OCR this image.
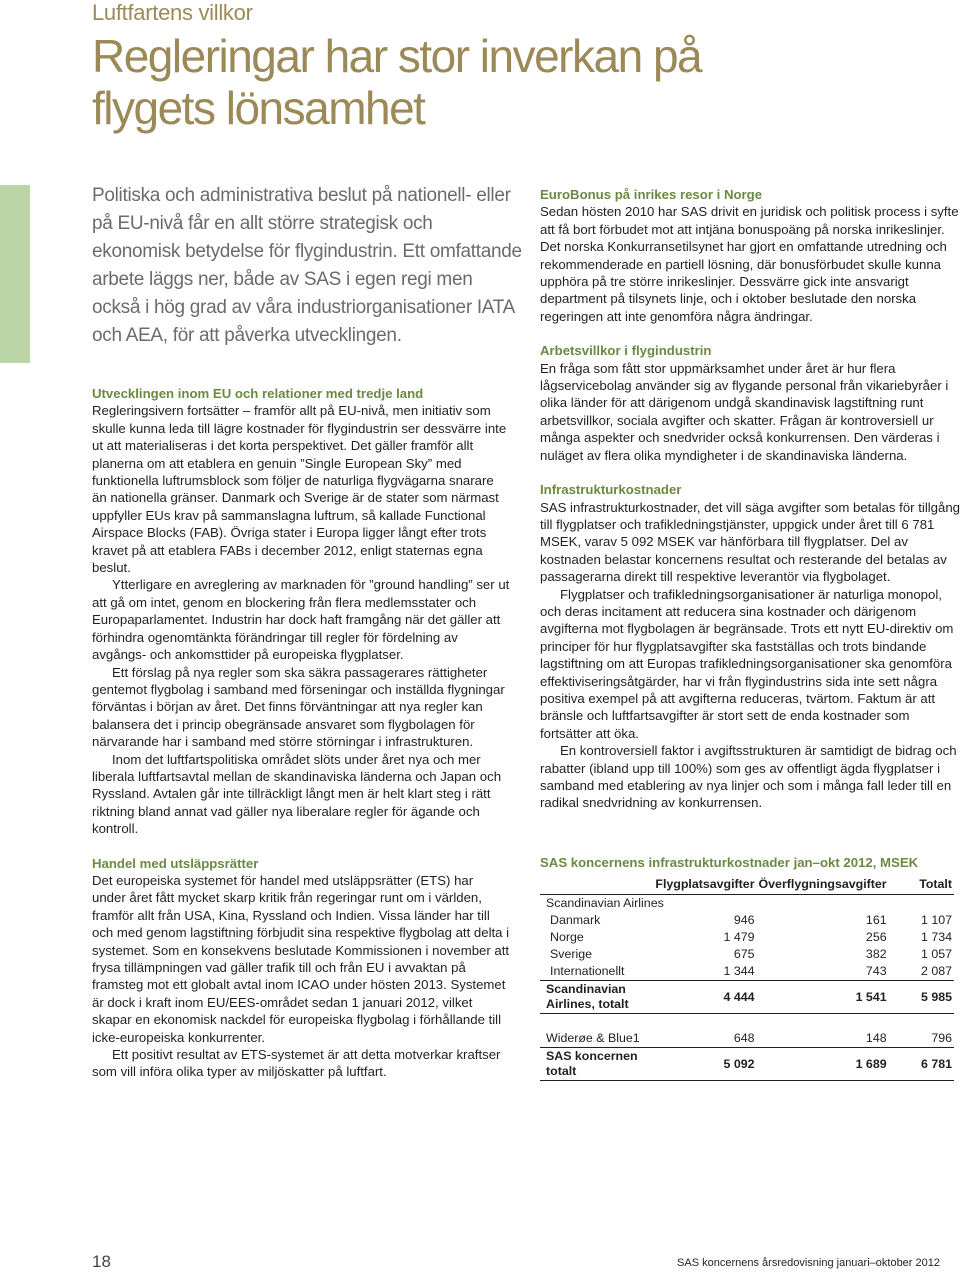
Luftfartens villkor
Regleringar har stor inverkan på flygets lönsamhet
Politiska och administrativa beslut på nationell- eller på EU-nivå får en allt större strategisk och ekonomisk betydelse för flygindustrin. Ett omfattande arbete läggs ner, både av SAS i egen regi men också i hög grad av våra industriorganisationer IATA och AEA, för att påverka utvecklingen.

Utvecklingen inom EU och relationer med tredje land

Regleringsivern fortsätter – framför allt på EU-nivå, men initiativ som skulle kunna leda till lägre kostnader för flygindustrin ser dessvärre inte ut att materialiseras i det korta perspektivet. Det gäller framför allt planerna om att etablera en genuin ”Single European Sky” med funktionella luftrumsblock som följer de naturliga flygvägarna snarare än nationella gränser. Danmark och Sverige är de stater som närmast uppfyller EUs krav på sammanslagna luftrum, så kallade Functional Airspace Blocks (FAB). Övriga stater i Europa ligger långt efter trots kravet på att etablera FABs i december 2012, enligt staternas egna beslut.

Ytterligare en avreglering av marknaden för ”ground handling” ser ut att gå om intet, genom en blockering från flera medlemsstater och Europaparlamentet. Industrin har dock haft framgång när det gäller att förhindra ogenomtänkta förändringar till regler för fördelning av avgångs- och ankomsttider på europeiska flygplatser.

Ett förslag på nya regler som ska säkra passagerares rättigheter gentemot flygbolag i samband med förseningar och inställda flygningar förväntas i början av året. Det finns förväntningar att nya regler kan balansera det i princip obegränsade ansvaret som flygbolagen för närvarande har i samband med större störningar i infrastrukturen.

Inom det luftfartspolitiska området slöts under året nya och mer liberala luftfartsavtal mellan de skandinaviska länderna och Japan och Ryssland. Avtalen går inte tillräckligt långt men är helt klart steg i rätt riktning bland annat vad gäller nya liberalare regler för ägande och kontroll.

Handel med utsläppsrätter

Det europeiska systemet för handel med utsläppsrätter (ETS) har under året fått mycket skarp kritik från regeringar runt om i världen, framför allt från USA, Kina, Ryssland och Indien. Vissa länder har till och med genom lagstiftning förbjudit sina respektive flygbolag att delta i systemet. Som en konsekvens beslutade Kommissionen i november att frysa tillämpningen vad gäller trafik till och från EU i avvaktan på framsteg mot ett globalt avtal inom ICAO under hösten 2013. Systemet är dock i kraft inom EU/EES-området sedan 1 januari 2012, vilket skapar en ekonomisk nackdel för europeiska flygbolag i förhållande till icke-europeiska konkurrenter.

Ett positivt resultat av ETS-systemet är att detta motverkar kraftser som vill införa olika typer av miljöskatter på luftfart.

EuroBonus på inrikes resor i Norge

Sedan hösten 2010 har SAS drivit en juridisk och politisk process i syfte att få bort förbudet mot att intjäna bonuspoäng på norska inrikeslinjer. Det norska Konkurransetilsynet har gjort en omfattande utredning och rekommenderade en partiell lösning, där bonusförbudet skulle kunna upphöra på tre större inrikeslinjer. Dessvärre gick inte ansvarigt department på tilsynets linje, och i oktober beslutade den norska regeringen att inte genomföra några ändringar.

Arbetsvillkor i flygindustrin

En fråga som fått stor uppmärksamhet under året är hur flera lågservicebolag använder sig av flygande personal från vikariebyråer i olika länder för att därigenom undgå skandinavisk lagstiftning runt arbetsvillkor, sociala avgifter och skatter. Frågan är kontroversiell ur många aspekter och snedvrider också konkurrensen. Den värderas i nuläget av flera olika myndigheter i de skandinaviska länderna.

Infrastrukturkostnader

SAS infrastrukturkostnader, det vill säga avgifter som betalas för tillgång till flygplatser och trafikledningstjänster, uppgick under året till 6 781 MSEK, varav 5 092 MSEK var hänförbara till flygplatser. Del av kostnaden belastar koncernens resultat och resterande del betalas av passagerarna direkt till respektive leverantör via flygbolaget.

Flygplatser och trafikledningsorganisationer är naturliga monopol, och deras incitament att reducera sina kostnader och därigenom avgifterna mot flygbolagen är begränsade. Trots ett nytt EU-direktiv om principer för hur flygplatsavgifter ska fastställas och trots bindande lagstiftning om att Europas trafikledningsorganisationer ska genomföra effektiviseringsåtgärder, har vi från flygindustrins sida inte sett några positiva exempel på att avgifterna reduceras, tvärtom. Faktum är att bränsle och luftfartsavgifter är stort sett de enda kostnader som fortsätter att öka.

En kontroversiell faktor i avgiftsstrukturen är samtidigt de bidrag och rabatter (ibland upp till 100%) som ges av offentligt ägda flygplatser i samband med etablering av nya linjer och som i många fall leder till en radikal snedvridning av konkurrensen.

SAS koncernens infrastrukturkostnader jan–okt 2012, MSEK
	Flygplatsavgifter	Överflygningsavgifter	Totalt
Scandinavian Airlines			
Danmark	946	161	1 107
Norge	1 479	256	1 734
Sverige	675	382	1 057
Internationellt	1 344	743	2 087
Scandinavian Airlines, totalt	4 444	1 541	5 985

Widerøe & Blue1	648	148	796
SAS koncernen totalt	5 092	1 689	6 781
18	SAS koncernens årsredovisning januari–oktober 2012
